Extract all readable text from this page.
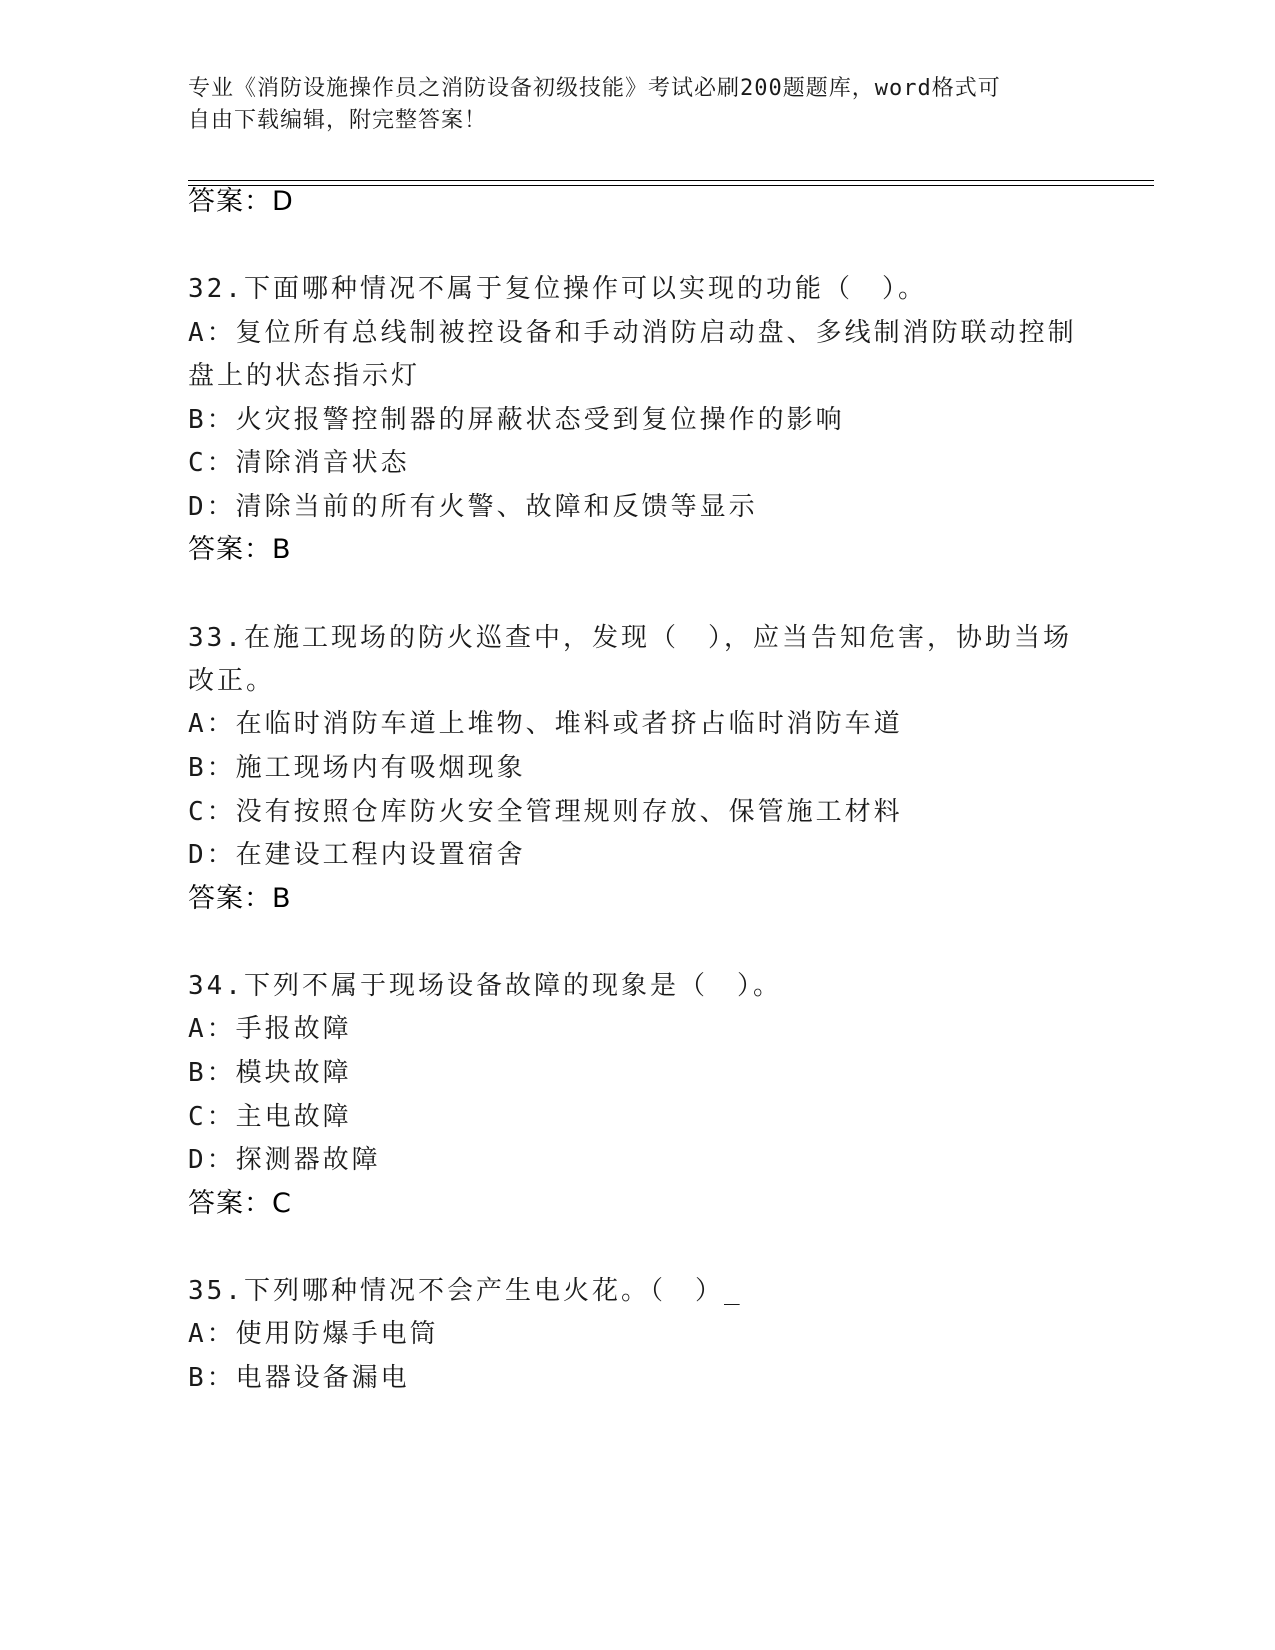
专业《消防设施操作员之消防设备初级技能》考试必刷200题题库，word格式可
自由下载编辑，附完整答案！
答案：D
32.下面哪种情况不属于复位操作可以实现的功能（　）。
A：复位所有总线制被控设备和手动消防启动盘、多线制消防联动控制
盘上的状态指示灯
B：火灾报警控制器的屏蔽状态受到复位操作的影响
C：清除消音状态
D：清除当前的所有火警、故障和反馈等显示
答案：B
33.在施工现场的防火巡查中，发现（　），应当告知危害，协助当场
改正。
A：在临时消防车道上堆物、堆料或者挤占临时消防车道
B：施工现场内有吸烟现象
C：没有按照仓库防火安全管理规则存放、保管施工材料
D：在建设工程内设置宿舍
答案：B
34.下列不属于现场设备故障的现象是（　）。
A：手报故障
B：模块故障
C：主电故障
D：探测器故障
答案：C
35.下列哪种情况不会产生电火花。（　）_
A：使用防爆手电筒
B：电器设备漏电
